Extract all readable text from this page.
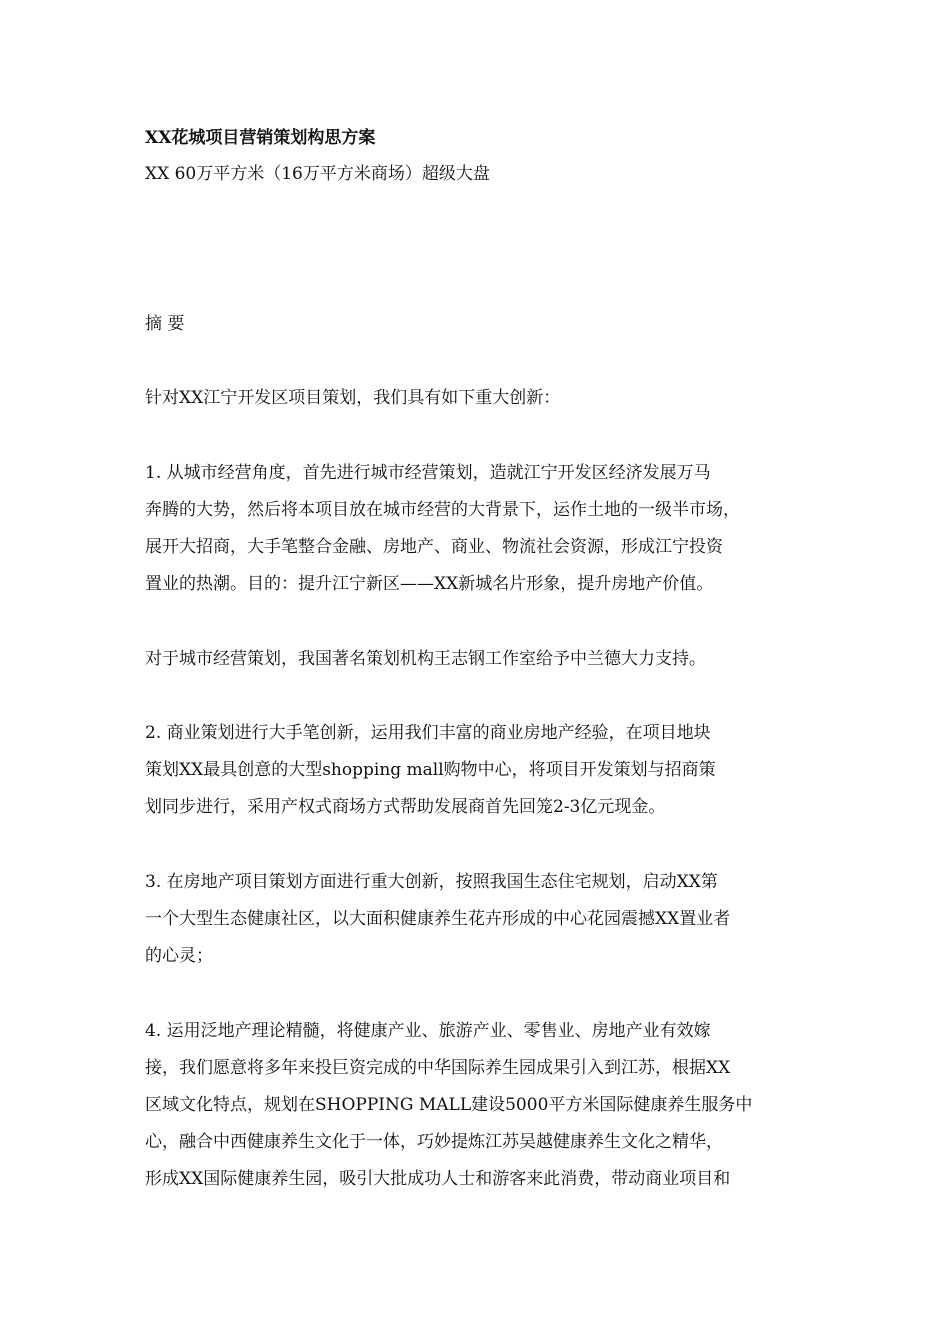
XX花城项目营销策划构思方案
XX 60万平方米（16万平方米商场）超级大盘
摘 要
针对XX江宁开发区项目策划，我们具有如下重大创新：
1. 从城市经营角度，首先进行城市经营策划，造就江宁开发区经济发展万马
奔腾的大势，然后将本项目放在城市经营的大背景下，运作土地的一级半市场，
展开大招商，大手笔整合金融、房地产、商业、物流社会资源，形成江宁投资
置业的热潮。目的：提升江宁新区——XX新城名片形象，提升房地产价值。
对于城市经营策划，我国著名策划机构王志钢工作室给予中兰德大力支持。
2. 商业策划进行大手笔创新，运用我们丰富的商业房地产经验，在项目地块
策划XX最具创意的大型shopping mall购物中心，将项目开发策划与招商策
划同步进行，采用产权式商场方式帮助发展商首先回笼2-3亿元现金。
3. 在房地产项目策划方面进行重大创新，按照我国生态住宅规划，启动XX第
一个大型生态健康社区，以大面积健康养生花卉形成的中心花园震撼XX置业者
的心灵；
4. 运用泛地产理论精髓，将健康产业、旅游产业、零售业、房地产业有效嫁
接，我们愿意将多年来投巨资完成的中华国际养生园成果引入到江苏，根据XX
区域文化特点，规划在SHOPPING MALL建设5000平方米国际健康养生服务中
心，融合中西健康养生文化于一体，巧妙提炼江苏吴越健康养生文化之精华，
形成XX国际健康养生园，吸引大批成功人士和游客来此消费，带动商业项目和
